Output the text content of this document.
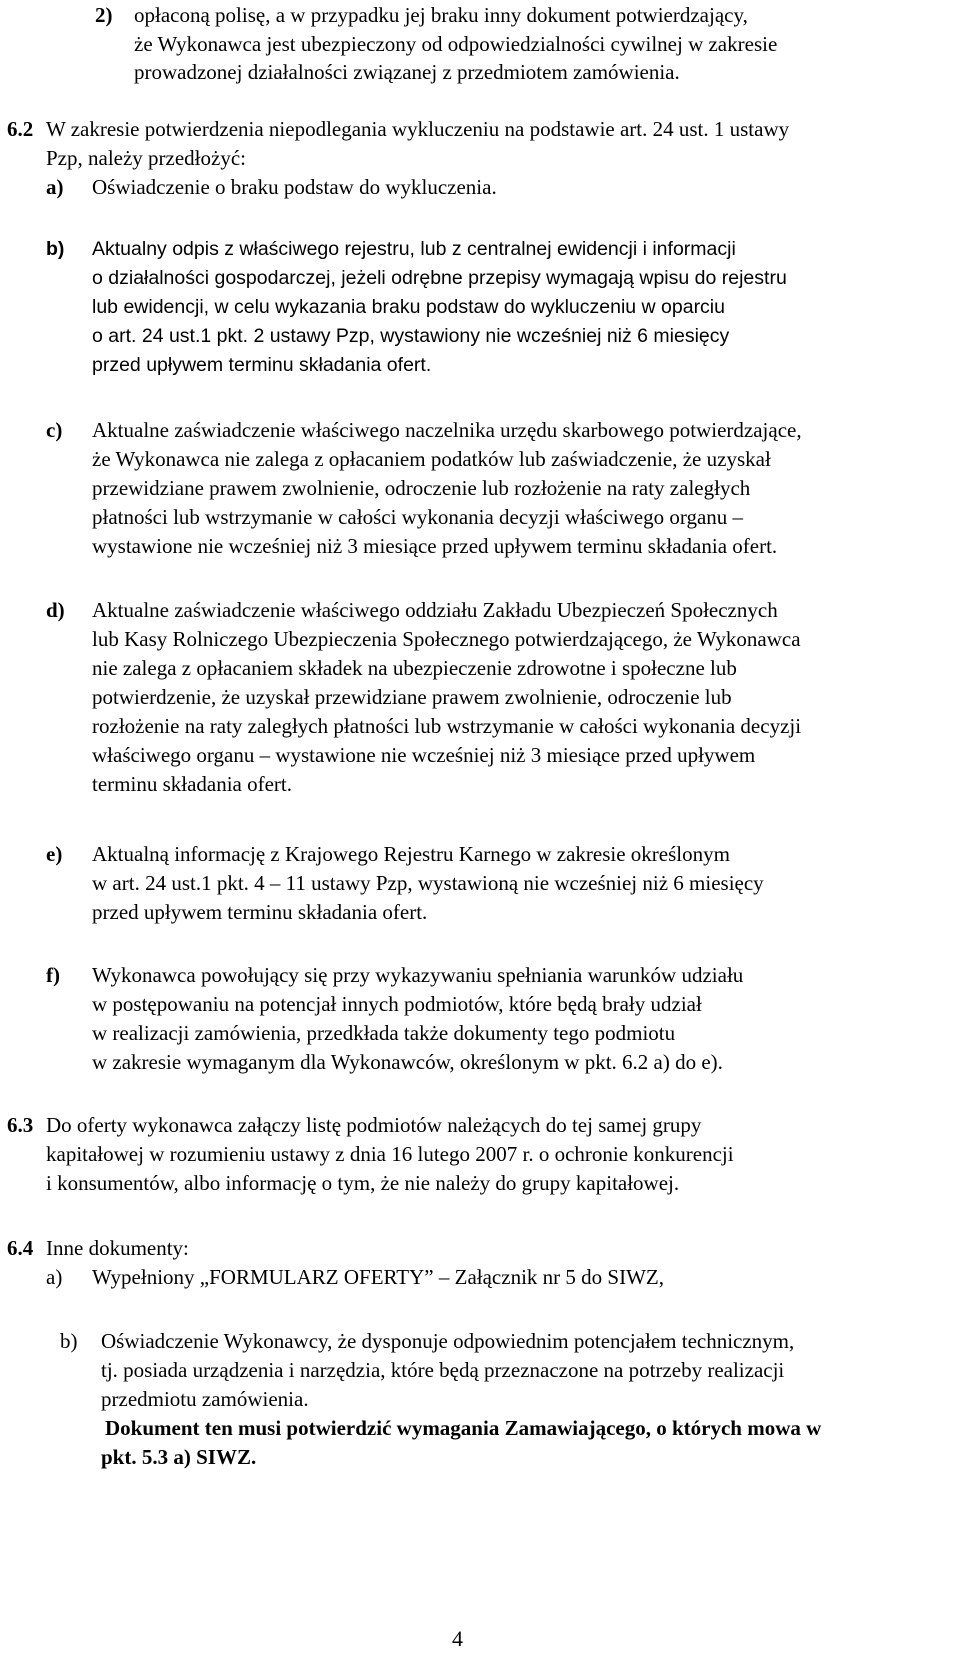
2) opłaconą polisę, a w przypadku jej braku inny dokument potwierdzający,

że Wykonawca jest ubezpieczony od odpowiedzialności cywilnej w zakresie

prowadzonej działalności związanej z przedmiotem zamówienia.

6.2 W zakresie potwierdzenia niepodlegania wykluczeniu na podstawie art. 24 ust. 1 ustawy

Pzp, należy przedłożyć:

a) Oświadczenie o braku podstaw do wykluczenia.

b) Aktualny odpis z właściwego rejestru, lub z centralnej ewidencji i informacji

o działalności gospodarczej, jeżeli odrębne przepisy wymagają wpisu do rejestru

lub ewidencji, w celu wykazania braku podstaw do wykluczeniu w oparciu

o art. 24 ust.1 pkt. 2 ustawy Pzp, wystawiony nie wcześniej niż 6 miesięcy

przed upływem terminu składania ofert.

c) Aktualne zaświadczenie właściwego naczelnika urzędu skarbowego potwierdzające,

że Wykonawca nie zalega z opłacaniem podatków lub zaświadczenie, że uzyskał

przewidziane prawem zwolnienie, odroczenie lub rozłożenie na raty zaległych

płatności lub wstrzymanie w całości wykonania decyzji właściwego organu –

wystawione nie wcześniej niż 3 miesiące przed upływem terminu składania ofert.

d) Aktualne zaświadczenie właściwego oddziału Zakładu Ubezpieczeń Społecznych

lub Kasy Rolniczego Ubezpieczenia Społecznego potwierdzającego, że Wykonawca

nie zalega z opłacaniem składek na ubezpieczenie zdrowotne i społeczne lub

potwierdzenie, że uzyskał przewidziane prawem zwolnienie, odroczenie lub

rozłożenie na raty zaległych płatności lub wstrzymanie w całości wykonania decyzji

właściwego organu – wystawione nie wcześniej niż 3 miesiące przed upływem

terminu składania ofert.

e) Aktualną informację z Krajowego Rejestru Karnego w zakresie określonym

w art. 24 ust.1 pkt. 4 – 11 ustawy Pzp, wystawioną nie wcześniej niż 6 miesięcy

przed upływem terminu składania ofert.

f) Wykonawca powołujący się przy wykazywaniu spełniania warunków udziału

w postępowaniu na potencjał innych podmiotów, które będą brały udział

w realizacji zamówienia, przedkłada także dokumenty tego podmiotu

w zakresie wymaganym dla Wykonawców, określonym w pkt. 6.2 a) do e).

6.3 Do oferty wykonawca załączy listę podmiotów należących do tej samej grupy

kapitałowej w rozumieniu ustawy z dnia 16 lutego 2007 r. o ochronie konkurencji

i konsumentów, albo informację o tym, że nie należy do grupy kapitałowej.

6.4 Inne dokumenty:

a) Wypełniony „FORMULARZ OFERTY” – Załącznik nr 5 do SIWZ,

b) Oświadczenie Wykonawcy, że dysponuje odpowiednim potencjałem technicznym,

tj. posiada urządzenia i narzędzia, które będą przeznaczone na potrzeby realizacji

przedmiotu zamówienia.

Dokument ten musi potwierdzić wymagania Zamawiającego, o których mowa w

pkt. 5.3 a) SIWZ.

4
